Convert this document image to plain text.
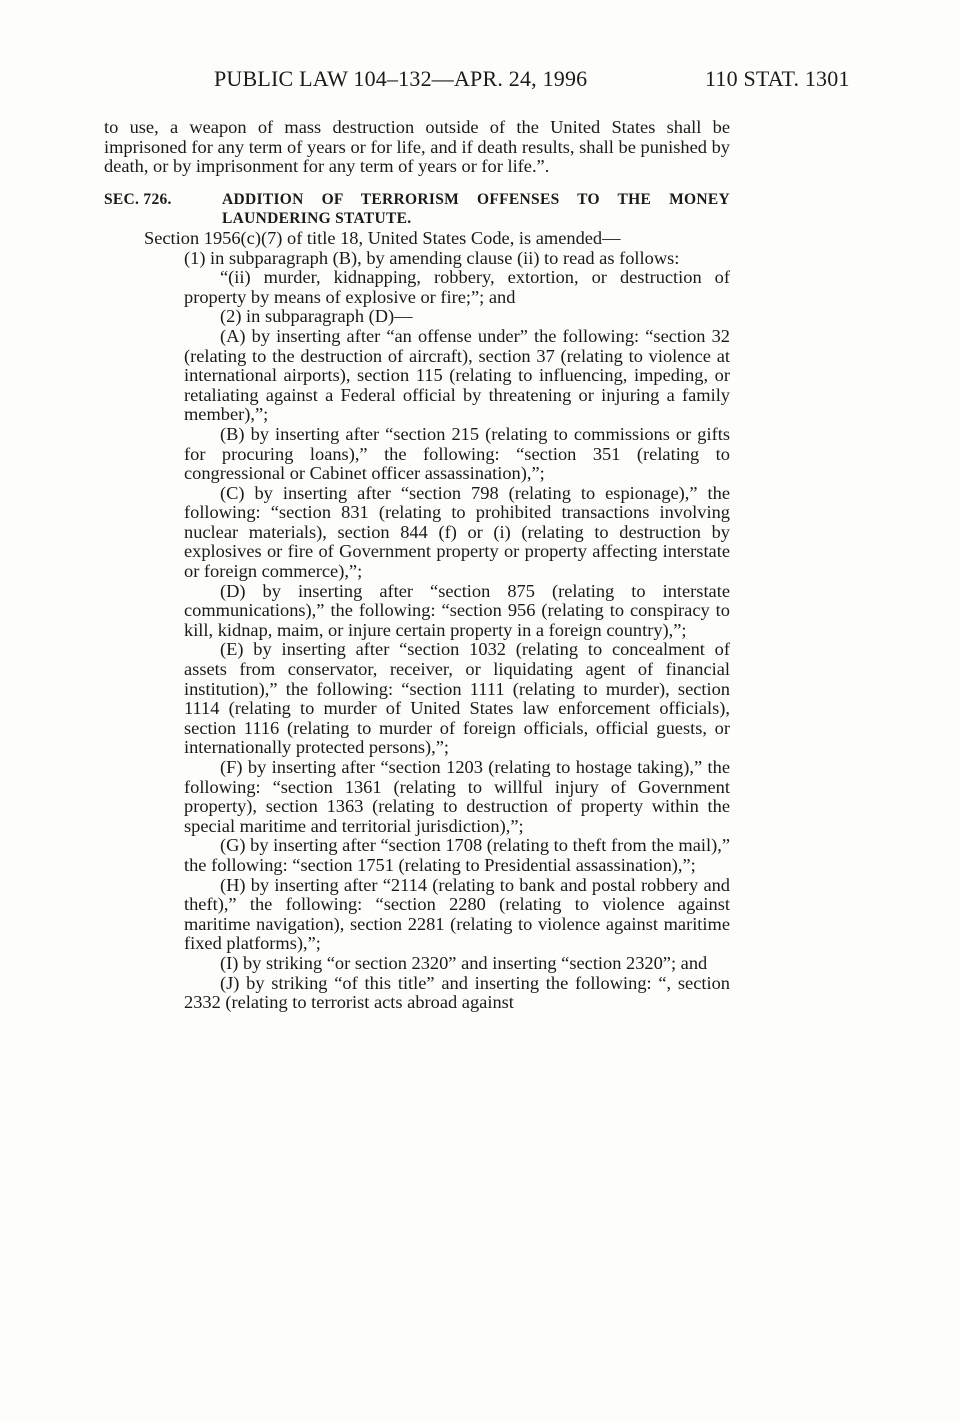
PUBLIC LAW 104–132—APR. 24, 1996	110 STAT. 1301

to use, a weapon of mass destruction outside of the United States shall be imprisoned for any term of years or for life, and if death results, shall be punished by death, or by imprisonment for any term of years or for life.”.

SEC. 726.	ADDITION OF TERRORISM OFFENSES TO THE MONEY LAUNDERING STATUTE.

Section 1956(c)(7) of title 18, United States Code, is amended—

(1) in subparagraph (B), by amending clause (ii) to read as follows:

“(ii) murder, kidnapping, robbery, extortion, or destruction of property by means of explosive or fire;”; and

(2) in subparagraph (D)—

(A) by inserting after “an offense under” the following: “section 32 (relating to the destruction of aircraft), section 37 (relating to violence at international airports), section 115 (relating to influencing, impeding, or retaliating against a Federal official by threatening or injuring a family member),”;

(B) by inserting after “section 215 (relating to commissions or gifts for procuring loans),” the following: “section 351 (relating to congressional or Cabinet officer assassination),”;

(C) by inserting after “section 798 (relating to espionage),” the following: “section 831 (relating to prohibited transactions involving nuclear materials), section 844 (f) or (i) (relating to destruction by explosives or fire of Government property or property affecting interstate or foreign commerce),”;

(D) by inserting after “section 875 (relating to interstate communications),” the following: “section 956 (relating to conspiracy to kill, kidnap, maim, or injure certain property in a foreign country),”;

(E) by inserting after “section 1032 (relating to concealment of assets from conservator, receiver, or liquidating agent of financial institution),” the following: “section 1111 (relating to murder), section 1114 (relating to murder of United States law enforcement officials), section 1116 (relating to murder of foreign officials, official guests, or internationally protected persons),”;

(F) by inserting after “section 1203 (relating to hostage taking),” the following: “section 1361 (relating to willful injury of Government property), section 1363 (relating to destruction of property within the special maritime and territorial jurisdiction),”;

(G) by inserting after “section 1708 (relating to theft from the mail),” the following: “section 1751 (relating to Presidential assassination),”;

(H) by inserting after “2114 (relating to bank and postal robbery and theft),” the following: “section 2280 (relating to violence against maritime navigation), section 2281 (relating to violence against maritime fixed platforms),”;

(I) by striking “or section 2320” and inserting “section 2320”; and

(J) by striking “of this title” and inserting the following: “, section 2332 (relating to terrorist acts abroad against
